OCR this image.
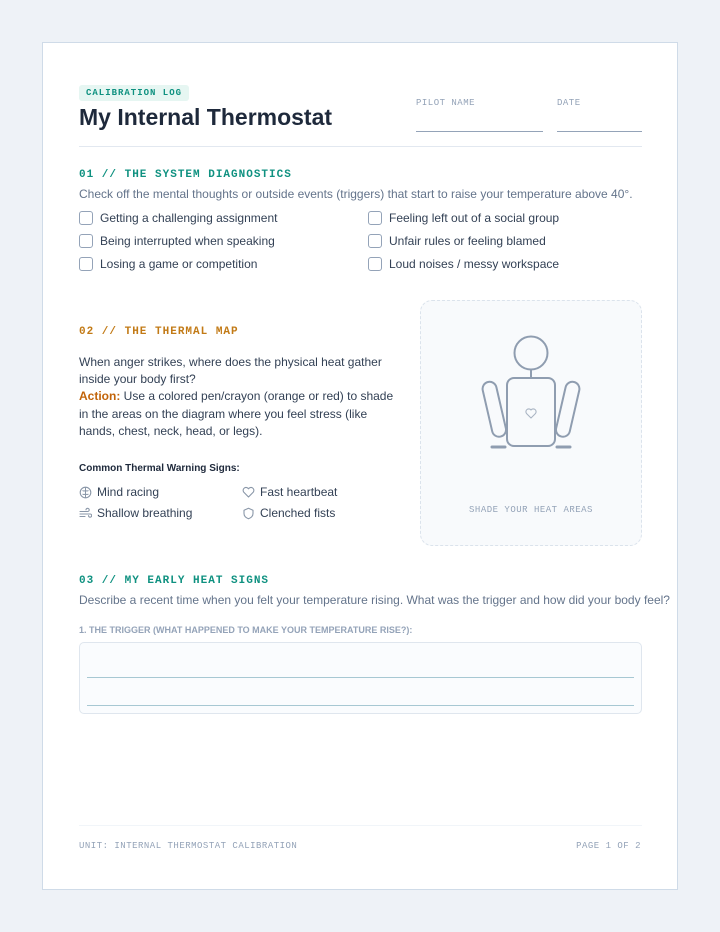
CALIBRATION LOG
My Internal Thermostat
PILOT NAME	DATE
01 // THE SYSTEM DIAGNOSTICS
Check off the mental thoughts or outside events (triggers) that start to raise your temperature above 40°.
Getting a challenging assignment	Feeling left out of a social group
Being interrupted when speaking	Unfair rules or feeling blamed
Losing a game or competition	Loud noises / messy workspace
02 // THE THERMAL MAP
When anger strikes, where does the physical heat gather inside your body first?
Action: Use a colored pen/crayon (orange or red) to shade in the areas on the diagram where you feel stress (like hands, chest, neck, head, or legs).
Common Thermal Warning Signs:
Mind racing	Fast heartbeat
Shallow breathing	Clenched fists	SHADE YOUR HEAT AREAS
03 // MY EARLY HEAT SIGNS
Describe a recent time when you felt your temperature rising. What was the trigger and how did your body feel?
1. THE TRIGGER (WHAT HAPPENED TO MAKE YOUR TEMPERATURE RISE?):
UNIT: INTERNAL THERMOSTAT CALIBRATION	PAGE 1 OF 2
